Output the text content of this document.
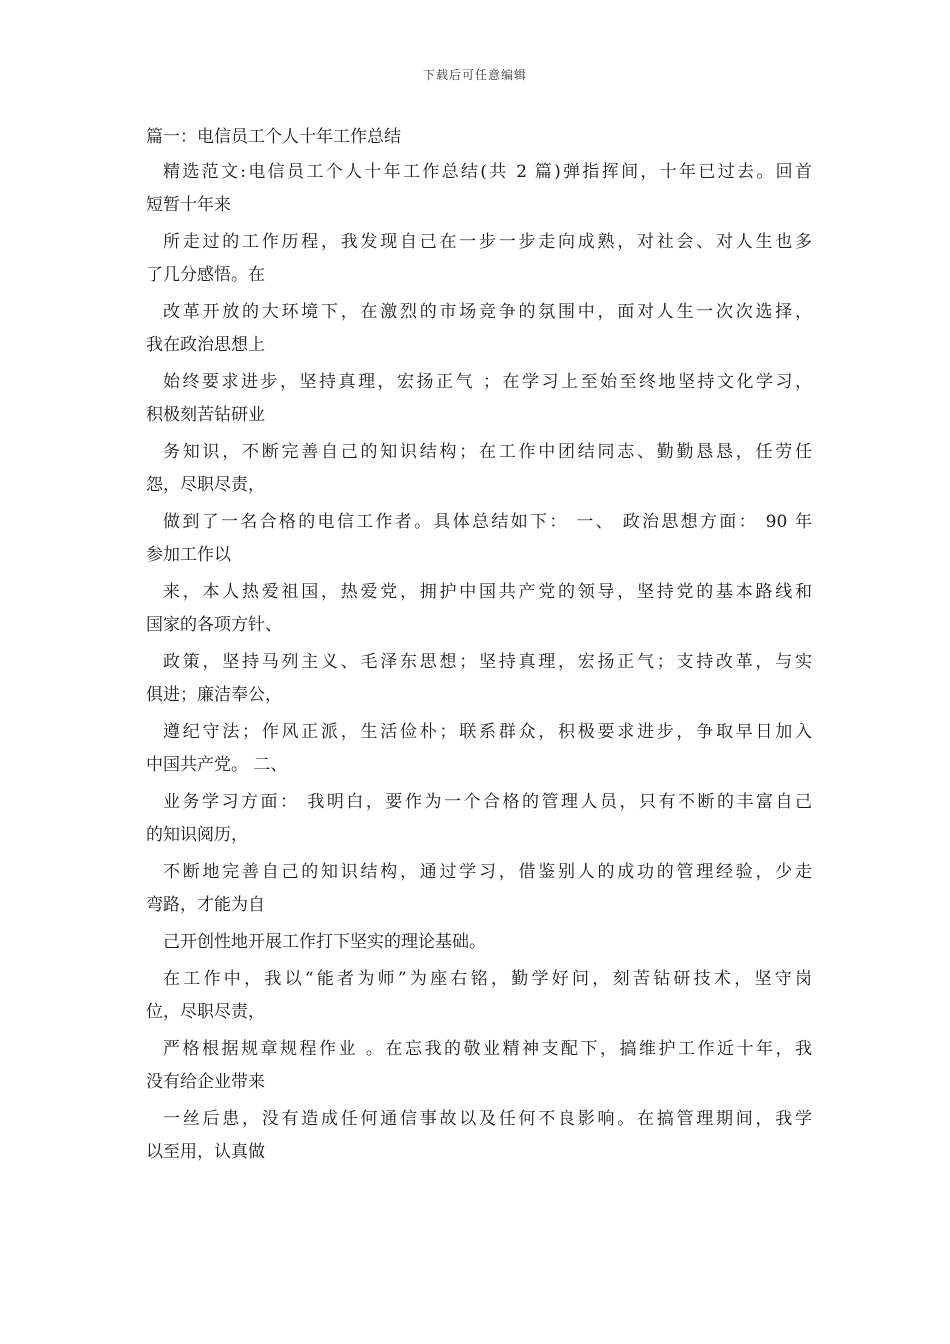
下载后可任意编辑
篇一：电信员工个人十年工作总结
精选范文:电信员工个人十年工作总结(共 2 篇)弹指挥间，十年已过去。回首
短暂十年来
所走过的工作历程，我发现自己在一步一步走向成熟，对社会、对人生也多
了几分感悟。在
改革开放的大环境下，在激烈的市场竞争的氛围中，面对人生一次次选择，
我在政治思想上
始终要求进步，坚持真理，宏扬正气 ；在学习上至始至终地坚持文化学习，
积极刻苦钻研业
务知识，不断完善自己的知识结构；在工作中团结同志、勤勤恳恳，任劳任
怨，尽职尽责，
做到了一名合格的电信工作者。具体总结如下： 一、 政治思想方面： 90 年
参加工作以
来，本人热爱祖国，热爱党，拥护中国共产党的领导，坚持党的基本路线和
国家的各项方针、
政策，坚持马列主义、毛泽东思想；坚持真理，宏扬正气；支持改革，与实
俱进；廉洁奉公，
遵纪守法；作风正派，生活俭朴；联系群众，积极要求进步，争取早日加入
中国共产党。 二、
业务学习方面： 我明白，要作为一个合格的管理人员，只有不断的丰富自己
的知识阅历，
不断地完善自己的知识结构，通过学习，借鉴别人的成功的管理经验，少走
弯路，才能为自
己开创性地开展工作打下坚实的理论基础。
在工作中，我以“能者为师”为座右铭，勤学好问，刻苦钻研技术，坚守岗
位，尽职尽责，
严格根据规章规程作业 。在忘我的敬业精神支配下，搞维护工作近十年，我
没有给企业带来
一丝后患，没有造成任何通信事故以及任何不良影响。在搞管理期间，我学
以至用，认真做
